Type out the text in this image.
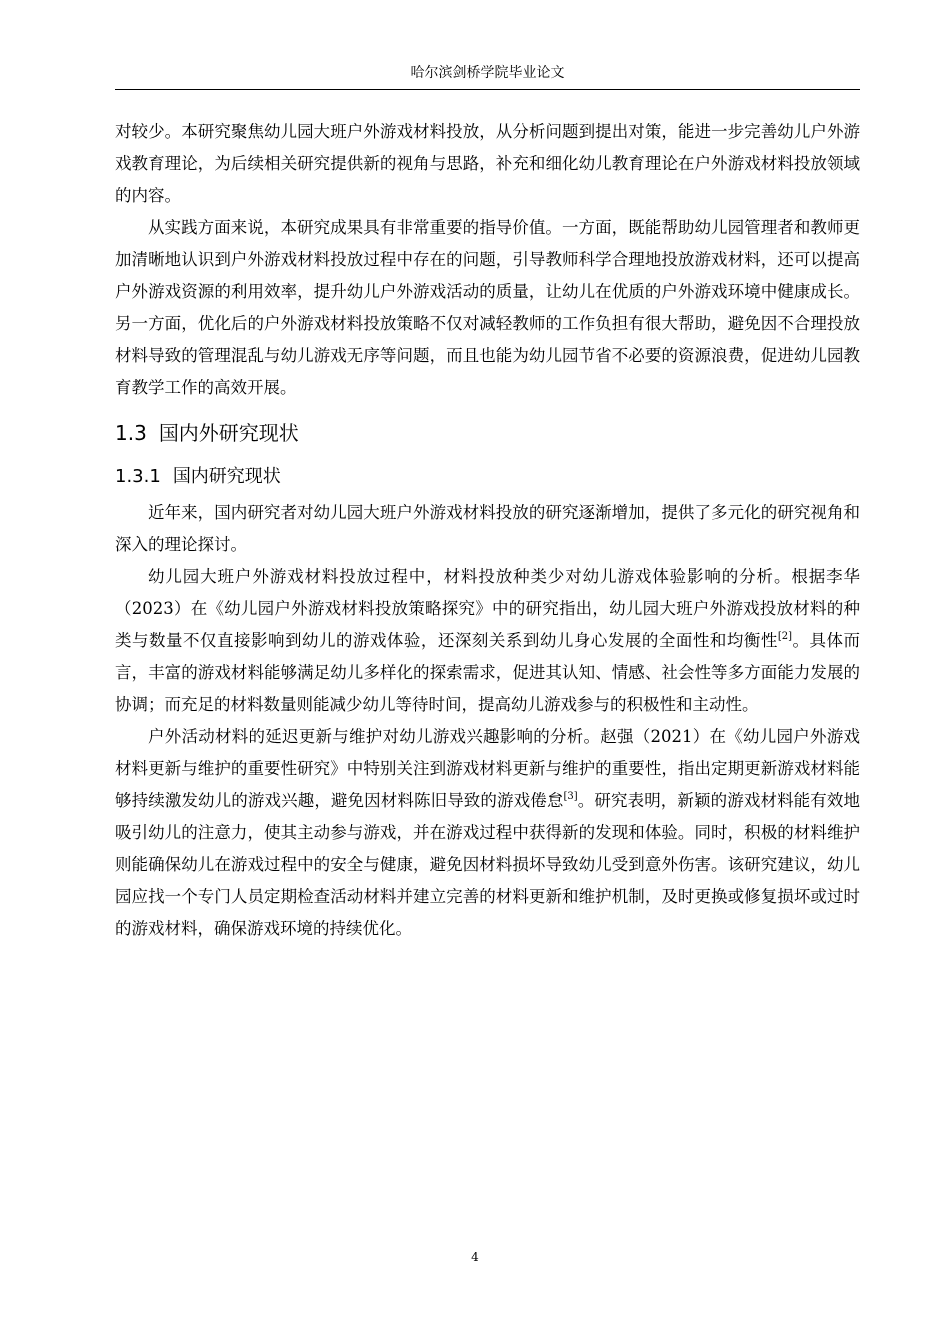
哈尔滨剑桥学院毕业论文

对较少。本研究聚焦幼儿园大班户外游戏材料投放，从分析问题到提出对策，能进一步完善幼儿户外游戏教育理论，为后续相关研究提供新的视角与思路，补充和细化幼儿教育理论在户外游戏材料投放领域的内容。

从实践方面来说，本研究成果具有非常重要的指导价值。一方面，既能帮助幼儿园管理者和教师更加清晰地认识到户外游戏材料投放过程中存在的问题，引导教师科学合理地投放游戏材料，还可以提高户外游戏资源的利用效率，提升幼儿户外游戏活动的质量，让幼儿在优质的户外游戏环境中健康成长。另一方面，优化后的户外游戏材料投放策略不仅对减轻教师的工作负担有很大帮助，避免因不合理投放材料导致的管理混乱与幼儿游戏无序等问题，而且也能为幼儿园节省不必要的资源浪费，促进幼儿园教育教学工作的高效开展。

1.3 国内外研究现状
1.3.1 国内研究现状

近年来，国内研究者对幼儿园大班户外游戏材料投放的研究逐渐增加，提供了多元化的研究视角和深入的理论探讨。

幼儿园大班户外游戏材料投放过程中，材料投放种类少对幼儿游戏体验影响的分析。根据李华（2023）在《幼儿园户外游戏材料投放策略探究》中的研究指出，幼儿园大班户外游戏投放材料的种类与数量不仅直接影响到幼儿的游戏体验，还深刻关系到幼儿身心发展的全面性和均衡性[2]。具体而言，丰富的游戏材料能够满足幼儿多样化的探索需求，促进其认知、情感、社会性等多方面能力发展的协调；而充足的材料数量则能减少幼儿等待时间，提高幼儿游戏参与的积极性和主动性。

户外活动材料的延迟更新与维护对幼儿游戏兴趣影响的分析。赵强（2021）在《幼儿园户外游戏材料更新与维护的重要性研究》中特别关注到游戏材料更新与维护的重要性，指出定期更新游戏材料能够持续激发幼儿的游戏兴趣，避免因材料陈旧导致的游戏倦怠[3]。研究表明，新颖的游戏材料能有效地吸引幼儿的注意力，使其主动参与游戏，并在游戏过程中获得新的发现和体验。同时，积极的材料维护则能确保幼儿在游戏过程中的安全与健康，避免因材料损坏导致幼儿受到意外伤害。该研究建议，幼儿园应找一个专门人员定期检查活动材料并建立完善的材料更新和维护机制，及时更换或修复损坏或过时的游戏材料，确保游戏环境的持续优化。

4
